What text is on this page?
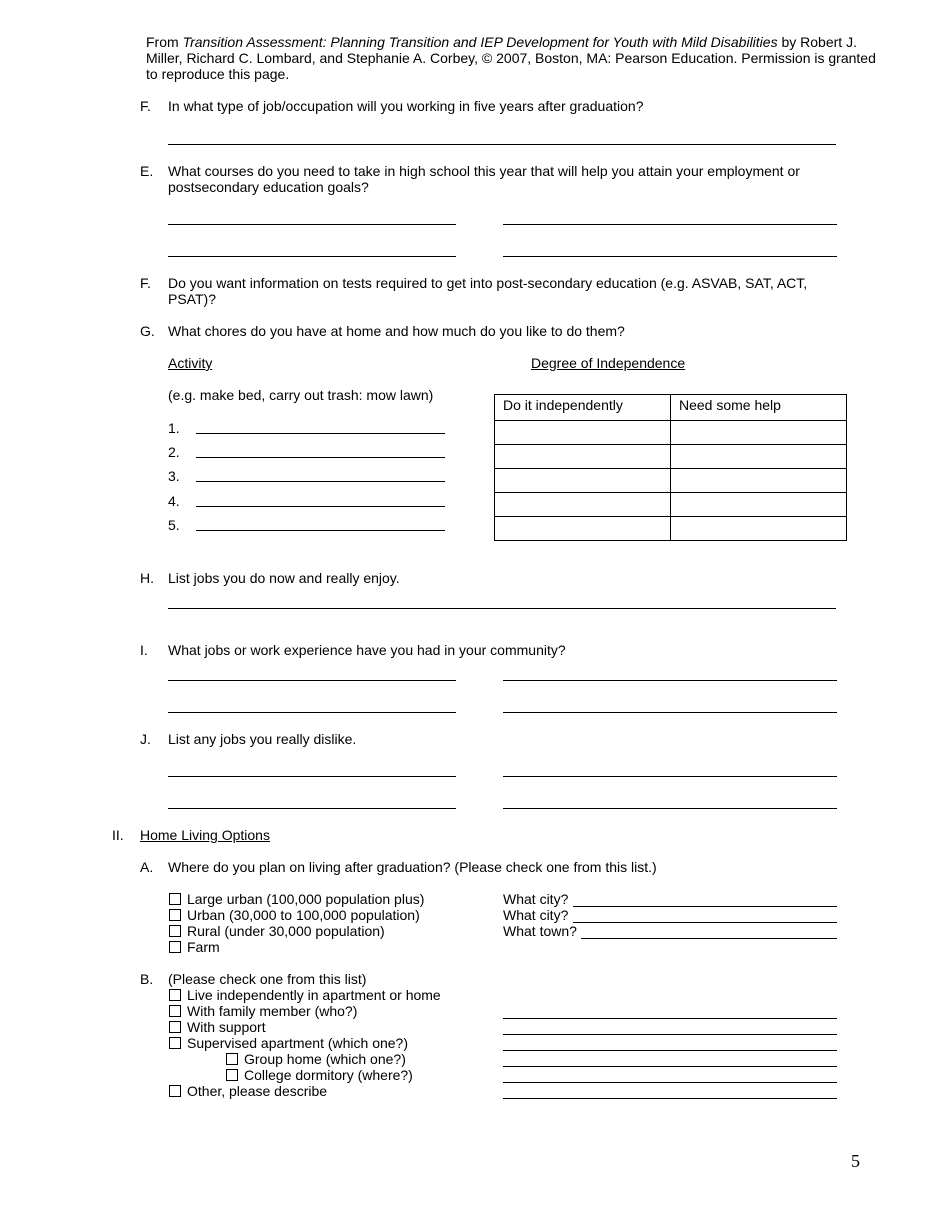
From Transition Assessment: Planning Transition and IEP Development for Youth with Mild Disabilities by Robert J. Miller, Richard C. Lombard, and Stephanie A. Corbey, © 2007, Boston, MA: Pearson Education. Permission is granted to reproduce this page.
F. In what type of job/occupation will you working in five years after graduation?
E. What courses do you need to take in high school this year that will help you attain your employment or
postsecondary education goals?
F. Do you want information on tests required to get into post-secondary education (e.g. ASVAB, SAT, ACT,
PSAT)?
G. What chores do you have at home and how much do you like to do them?
Activity	Degree of Independence
(e.g. make bed, carry out trash: mow lawn)
1.
2.
3.
4.
5.
Do it independently	Need some help

H. List jobs you do now and really enjoy.
I. What jobs or work experience have you had in your community?
J. List any jobs you really dislike.
II. Home Living Options
A. Where do you plan on living after graduation? (Please check one from this list.)
Large urban (100,000 population plus)
Urban (30,000 to 100,000 population)
Rural (under 30,000 population)
Farm
What city?
What city?
What town?
B. (Please check one from this list)
Live independently in apartment or home
With family member (who?)
With support
Supervised apartment (which one?)
Group home (which one?)
College dormitory (where?)
Other, please describe
5
